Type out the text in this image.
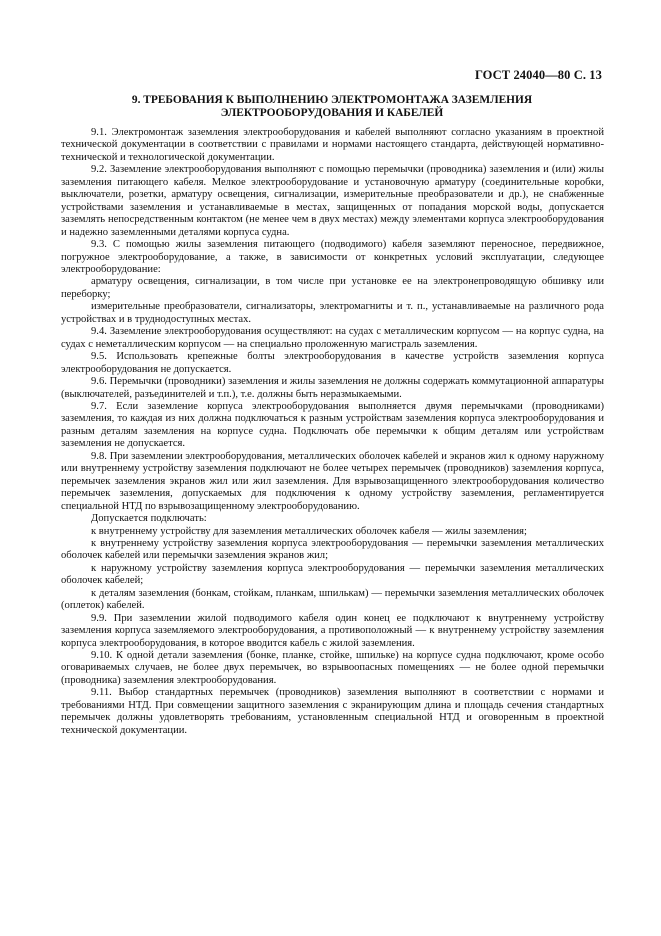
ГОСТ 24040—80 С. 13
9. ТРЕБОВАНИЯ К ВЫПОЛНЕНИЮ ЭЛЕКТРОМОНТАЖА ЗАЗЕМЛЕНИЯ
ЭЛЕКТРООБОРУДОВАНИЯ И КАБЕЛЕЙ

9.1. Электромонтаж заземления электрооборудования и кабелей выполняют согласно указаниям в проектной технической документации в соответствии с правилами и нормами настоящего стандарта, действующей нормативно-технической и технологической документации.

9.2. Заземление электрооборудования выполняют с помощью перемычки (проводника) заземления и (или) жилы заземления питающего кабеля. Мелкое электрооборудование и установочную арматуру (соединительные коробки, выключатели, розетки, арматуру освещения, сигнализации, измерительные преобразователи и др.), не снабженные устройствами заземления и устанавливаемые в местах, защищенных от попадания морской воды, допускается заземлять непосредственным контактом (не менее чем в двух местах) между элементами корпуса электрооборудования и надежно заземленными деталями корпуса судна.

9.3. С помощью жилы заземления питающего (подводимого) кабеля заземляют переносное, передвижное, погружное электрооборудование, а также, в зависимости от конкретных условий эксплуатации, следующее электрооборудование:

арматуру освещения, сигнализации, в том числе при установке ее на электронепроводящую обшивку или переборку;

измерительные преобразователи, сигнализаторы, электромагниты и т. п., устанавливаемые на различного рода устройствах и в труднодоступных местах.

9.4. Заземление электрооборудования осуществляют: на судах с металлическим корпусом — на корпус судна, на судах с неметаллическим корпусом — на специально проложенную магистраль заземления.

9.5. Использовать крепежные болты электрооборудования в качестве устройств заземления корпуса электрооборудования не допускается.

9.6. Перемычки (проводники) заземления и жилы заземления не должны содержать коммутационной аппаратуры (выключателей, разъединителей и т.п.), т.е. должны быть неразмыкаемыми.

9.7. Если заземление корпуса электрооборудования выполняется двумя перемычками (проводниками) заземления, то каждая из них должна подключаться к разным устройствам заземления корпуса электрооборудования и разным деталям заземления на корпусе судна. Подключать обе перемычки к общим деталям или устройствам заземления не допускается.

9.8. При заземлении электрооборудования, металлических оболочек кабелей и экранов жил к одному наружному или внутреннему устройству заземления подключают не более четырех перемычек (проводников) заземления корпуса, перемычек заземления экранов жил или жил заземления. Для взрывозащищенного электрооборудования количество перемычек заземления, допускаемых для подключения к одному устройству заземления, регламентируется специальной НТД по взрывозащищенному электрооборудованию.

Допускается подключать:

к внутреннему устройству для заземления металлических оболочек кабеля — жилы заземления;

к внутреннему устройству заземления корпуса электрооборудования — перемычки заземления металлических оболочек кабелей или перемычки заземления экранов жил;

к наружному устройству заземления корпуса электрооборудования — перемычки заземления металлических оболочек кабелей;

к деталям заземления (бонкам, стойкам, планкам, шпилькам) — перемычки заземления металлических оболочек (оплеток) кабелей.

9.9. При заземлении жилой подводимого кабеля один конец ее подключают к внутреннему устройству заземления корпуса заземляемого электрооборудования, а противоположный — к внутреннему устройству заземления корпуса электрооборудования, в которое вводится кабель с жилой заземления.

9.10. К одной детали заземления (бонке, планке, стойке, шпильке) на корпусе судна подключают, кроме особо оговариваемых случаев, не более двух перемычек, во взрывоопасных помещениях — не более одной перемычки (проводника) заземления электрооборудования.

9.11. Выбор стандартных перемычек (проводников) заземления выполняют в соответствии с нормами и требованиями НТД. При совмещении защитного заземления с экранирующим длина и площадь сечения стандартных перемычек должны удовлетворять требованиям, установленным специальной НТД и оговоренным в проектной технической документации.
